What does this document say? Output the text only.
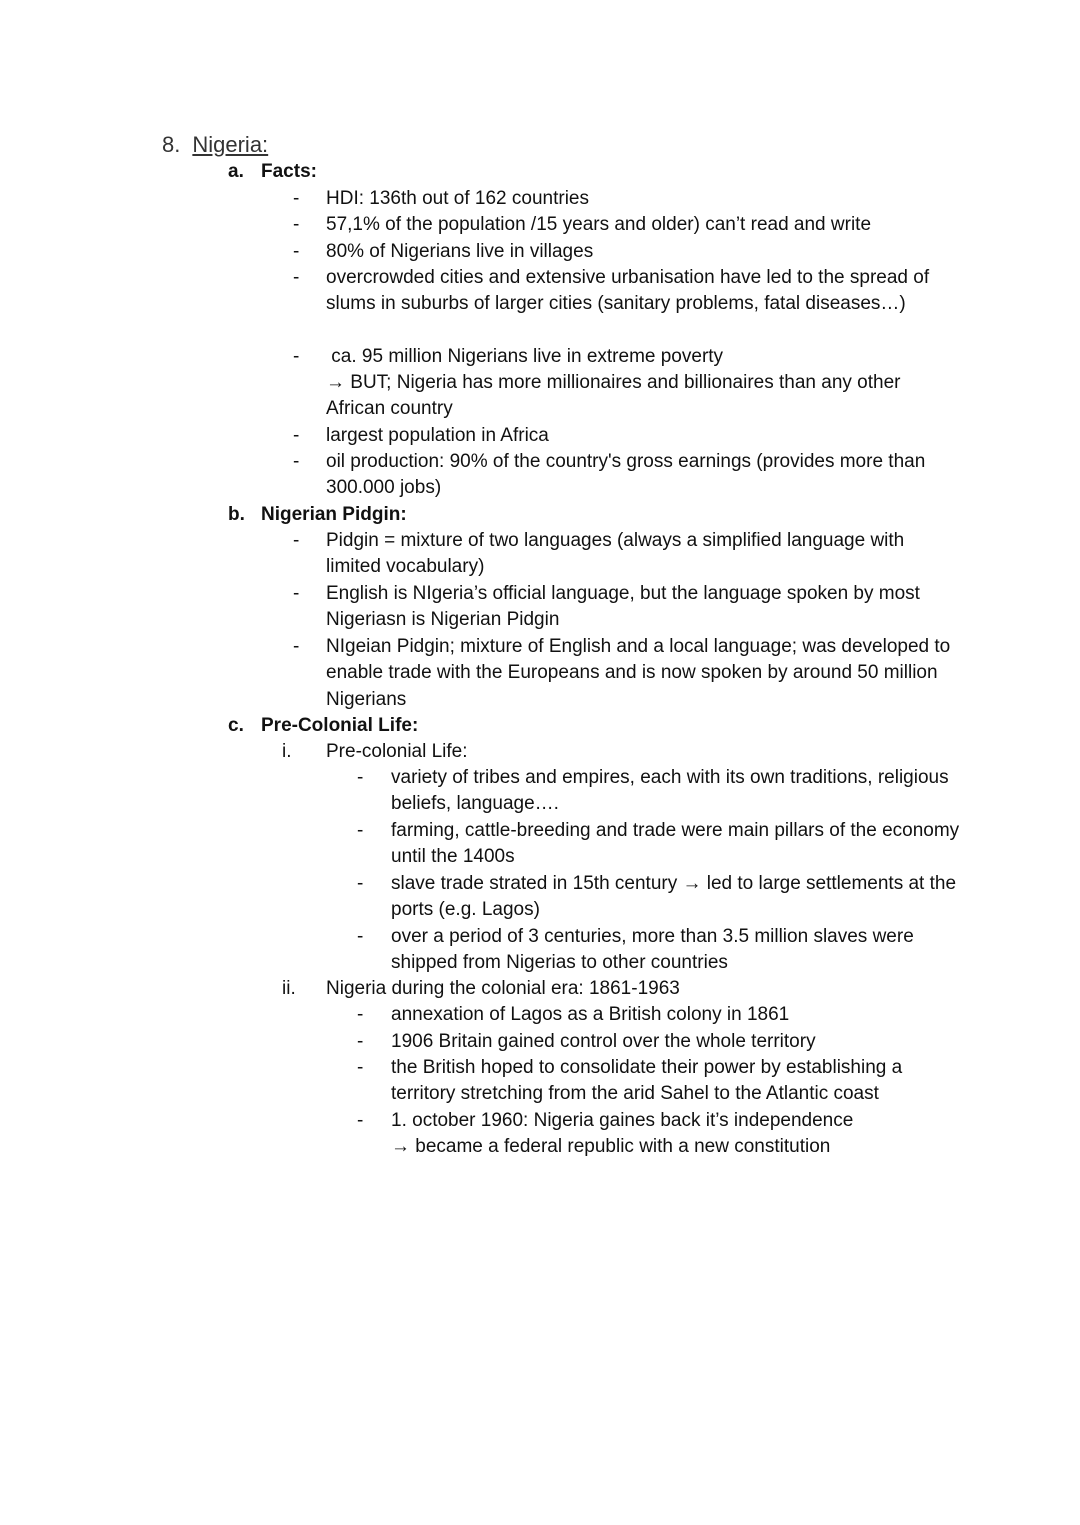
8. Nigeria:
a. Facts:
- HDI: 136th out of 162 countries
- 57,1% of the population /15 years and older) can’t read and write
- 80% of Nigerians live in villages
- overcrowded cities and extensive urbanisation have led to the spread of slums in suburbs of larger cities (sanitary problems, fatal diseases…)
- ca. 95 million Nigerians live in extreme poverty
→ BUT; Nigeria has more millionaires and billionaires than any other African country
- largest population in Africa
- oil production: 90% of the country's gross earnings (provides more than 300.000 jobs)
b. Nigerian Pidgin:
- Pidgin = mixture of two languages (always a simplified language with limited vocabulary)
- English is NIgeria’s official language, but the language spoken by most Nigeriasn is Nigerian Pidgin
- NIgeian Pidgin; mixture of English and a local language; was developed to enable trade with the Europeans and is now spoken by around 50 million Nigerians
c. Pre-Colonial Life:
i. Pre-colonial Life:
- variety of tribes and empires, each with its own traditions, religious beliefs, language….
- farming, cattle-breeding and trade were main pillars of the economy until the 1400s
- slave trade strated in 15th century → led to large settlements at the ports (e.g. Lagos)
- over a period of 3 centuries, more than 3.5 million slaves were shipped from Nigerias to other countries
ii. Nigeria during the colonial era: 1861-1963
- annexation of Lagos as a British colony in 1861
- 1906 Britain gained control over the whole territory
- the British hoped to consolidate their power by establishing a territory stretching from the arid Sahel to the Atlantic coast
- 1. october 1960: Nigeria gaines back it’s independence
→ became a federal republic with a new constitution
